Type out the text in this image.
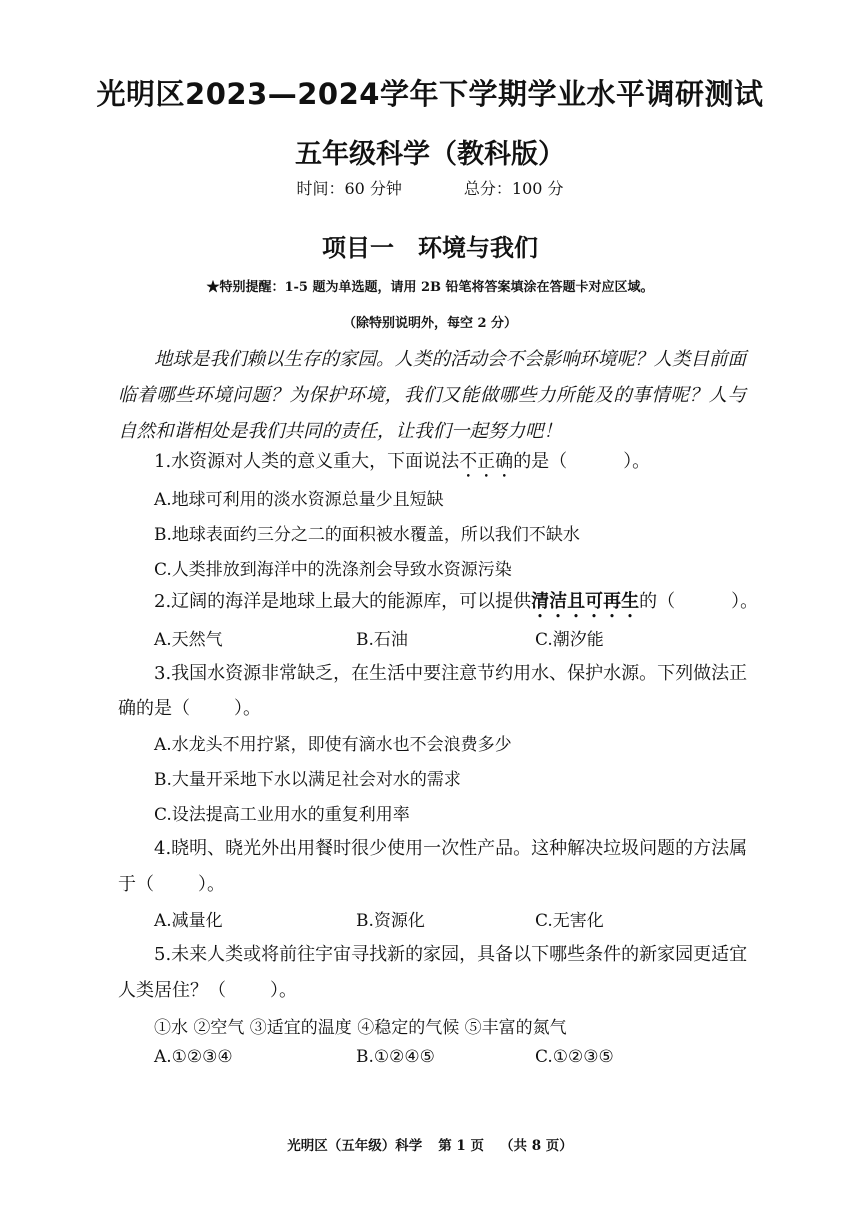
光明区2023—2024学年下学期学业水平调研测试
五年级科学（教科版）
时间：60 分钟	总分：100 分
项目一　环境与我们
★特别提醒：1-5 题为单选题，请用 2B 铅笔将答案填涂在答题卡对应区域。
（除特别说明外，每空 2 分）
地球是我们赖以生存的家园。人类的活动会不会影响环境呢？人类目前面临着哪些环境问题？为保护环境，我们又能做哪些力所能及的事情呢？人与自然和谐相处是我们共同的责任，让我们一起努力吧！
1.水资源对人类的意义重大，下面说法不正确的是（	）。
A.地球可利用的淡水资源总量少且短缺
B.地球表面约三分之二的面积被水覆盖，所以我们不缺水
C.人类排放到海洋中的洗涤剂会导致水资源污染
2.辽阔的海洋是地球上最大的能源库，可以提供清洁且可再生的（	）。
A.天然气	B.石油	C.潮汐能
3.我国水资源非常缺乏，在生活中要注意节约用水、保护水源。下列做法正
确的是（ ）。
A.水龙头不用拧紧，即使有滴水也不会浪费多少
B.大量开采地下水以满足社会对水的需求
C.设法提高工业用水的重复利用率
4.晓明、晓光外出用餐时很少使用一次性产品。这种解决垃圾问题的方法属
于（ ）。
A.减量化	B.资源化	C.无害化
5.未来人类或将前往宇宙寻找新的家园，具备以下哪些条件的新家园更适宜
人类居住？（ ）。
①水 ②空气 ③适宜的温度 ④稳定的气候 ⑤丰富的氮气
A.①②③④	B.①②④⑤	C.①②③⑤
光明区（五年级）科学 第 1 页 （共 8 页）
